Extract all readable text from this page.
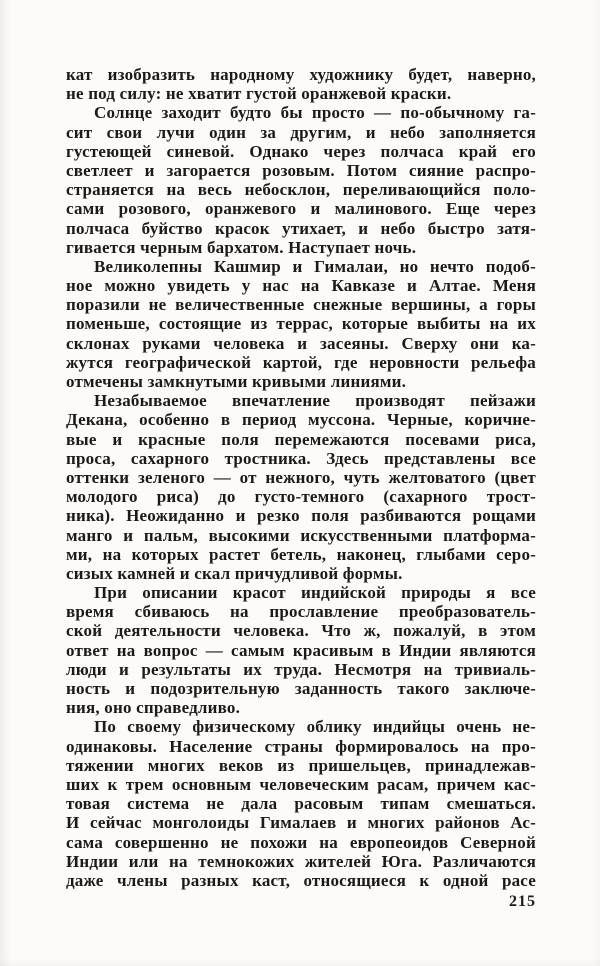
кат изобразить народному художнику будет, наверно,
не под силу: не хватит густой оранжевой краски.
Солнце заходит будто бы просто — по-обычному га-
сит свои лучи один за другим, и небо заполняется
густеющей синевой. Однако через полчаса край его
светлеет и загорается розовым. Потом сияние распро-
страняется на весь небосклон, переливающийся поло-
сами розового, оранжевого и малинового. Еще через
полчаса буйство красок утихает, и небо быстро затя-
гивается черным бархатом. Наступает ночь.
Великолепны Кашмир и Гималаи, но нечто подоб-
ное можно увидеть у нас на Кавказе и Алтае. Меня
поразили не величественные снежные вершины, а горы
поменьше, состоящие из террас, которые выбиты на их
склонах руками человека и засеяны. Сверху они ка-
жутся географической картой, где неровности рельефа
отмечены замкнутыми кривыми линиями.
Незабываемое впечатление производят пейзажи
Декана, особенно в период муссона. Черные, коричне-
вые и красные поля перемежаются посевами риса,
проса, сахарного тростника. Здесь представлены все
оттенки зеленого — от нежного, чуть желтоватого (цвет
молодого риса) до густо-темного (сахарного трост-
ника). Неожиданно и резко поля разбиваются рощами
манго и пальм, высокими искусственными платформа-
ми, на которых растет бетель, наконец, глыбами серо-
сизых камней и скал причудливой формы.
При описании красот индийской природы я все
время сбиваюсь на прославление преобразователь-
ской деятельности человека. Что ж, пожалуй, в этом
ответ на вопрос — самым красивым в Индии являются
люди и результаты их труда. Несмотря на тривиаль-
ность и подозрительную заданность такого заключе-
ния, оно справедливо.
По своему физическому облику индийцы очень не-
одинаковы. Население страны формировалось на про-
тяжении многих веков из пришельцев, принадлежав-
ших к трем основным человеческим расам, причем кас-
товая система не дала расовым типам смешаться.
И сейчас монголоиды Гималаев и многих районов Ас-
сама совершенно не похожи на европеоидов Северной
Индии или на темнокожих жителей Юга. Различаются
даже члены разных каст, относящиеся к одной расе
215
